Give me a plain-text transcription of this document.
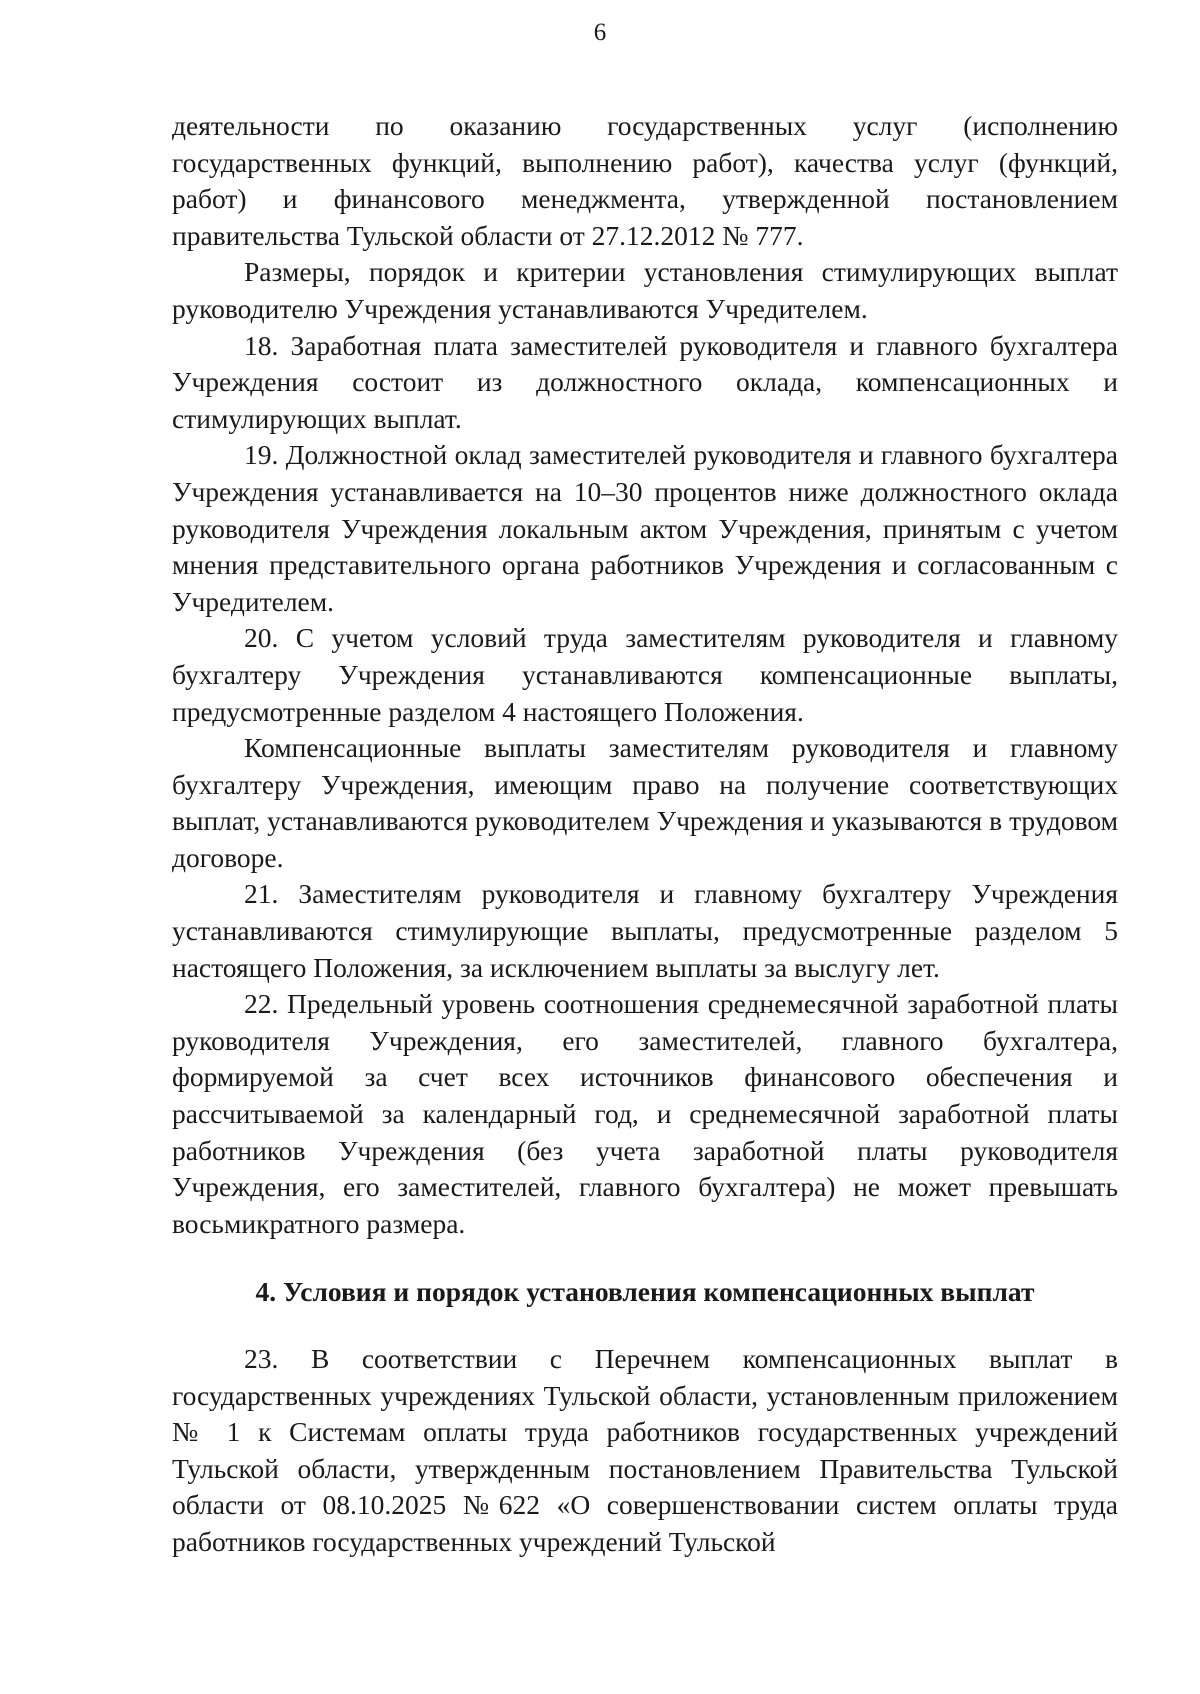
6

деятельности по оказанию государственных услуг (исполнению государственных функций, выполнению работ), качества услуг (функций, работ) и финансового менеджмента, утвержденной постановлением правительства Тульской области от 27.12.2012 № 777.

Размеры, порядок и критерии установления стимулирующих выплат руководителю Учреждения устанавливаются Учредителем.

18. Заработная плата заместителей руководителя и главного бухгалтера Учреждения состоит из должностного оклада, компенсационных и стимулирующих выплат.

19. Должностной оклад заместителей руководителя и главного бухгалтера Учреждения устанавливается на 10–30 процентов ниже должностного оклада руководителя Учреждения локальным актом Учреждения, принятым с учетом мнения представительного органа работников Учреждения и согласованным с Учредителем.

20. С учетом условий труда заместителям руководителя и главному бухгалтеру Учреждения устанавливаются компенсационные выплаты, предусмотренные разделом 4 настоящего Положения.

Компенсационные выплаты заместителям руководителя и главному бухгалтеру Учреждения, имеющим право на получение соответствующих выплат, устанавливаются руководителем Учреждения и указываются в трудовом договоре.

21. Заместителям руководителя и главному бухгалтеру Учреждения устанавливаются стимулирующие выплаты, предусмотренные разделом 5 настоящего Положения, за исключением выплаты за выслугу лет.

22. Предельный уровень соотношения среднемесячной заработной платы руководителя Учреждения, его заместителей, главного бухгалтера, формируемой за счет всех источников финансового обеспечения и рассчитываемой за календарный год, и среднемесячной заработной платы работников Учреждения (без учета заработной платы руководителя Учреждения, его заместителей, главного бухгалтера) не может превышать восьмикратного размера.

4. Условия и порядок установления компенсационных выплат

23. В соответствии с Перечнем компенсационных выплат в государственных учреждениях Тульской области, установленным приложением № 1 к Системам оплаты труда работников государственных учреждений Тульской области, утвержденным постановлением Правительства Тульской области от 08.10.2025 №622 «О совершенствовании систем оплаты труда работников государственных учреждений Тульской
